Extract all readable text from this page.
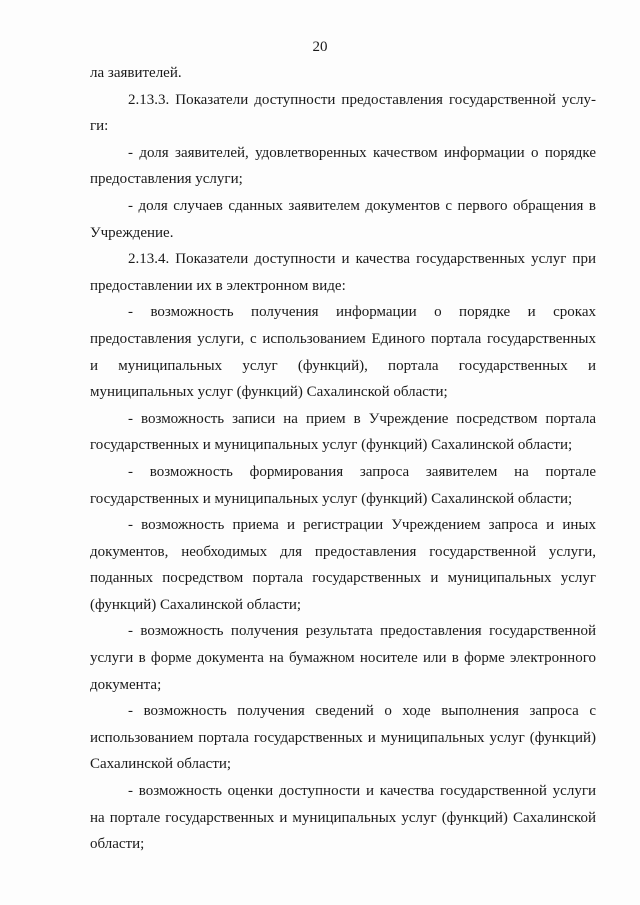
20

ла заявителей.

2.13.3. Показатели доступности предоставления государственной услу-ги:

- доля заявителей, удовлетворенных качеством информации о порядке предоставления услуги;

- доля случаев сданных заявителем документов с первого обращения в Учреждение.

2.13.4. Показатели доступности и качества государственных услуг при предоставлении их в электронном виде:

- возможность получения информации о порядке и сроках предоставления услуги, с использованием Единого портала государственных и муниципальных услуг (функций), портала государственных и муниципальных услуг (функций) Сахалинской области;

- возможность записи на прием в Учреждение посредством портала государственных и муниципальных услуг (функций) Сахалинской области;

- возможность формирования запроса заявителем на портале государственных и муниципальных услуг (функций) Сахалинской области;

- возможность приема и регистрации Учреждением запроса и иных документов, необходимых для предоставления государственной услуги, поданных посредством портала государственных и муниципальных услуг (функций) Сахалинской области;

- возможность получения результата предоставления государственной услуги в форме документа на бумажном носителе или в форме электронного документа;

- возможность получения сведений о ходе выполнения запроса с использованием портала государственных и муниципальных услуг (функций) Сахалинской области;

- возможность оценки доступности и качества государственной услуги на портале государственных и муниципальных услуг (функций) Сахалинской области;
